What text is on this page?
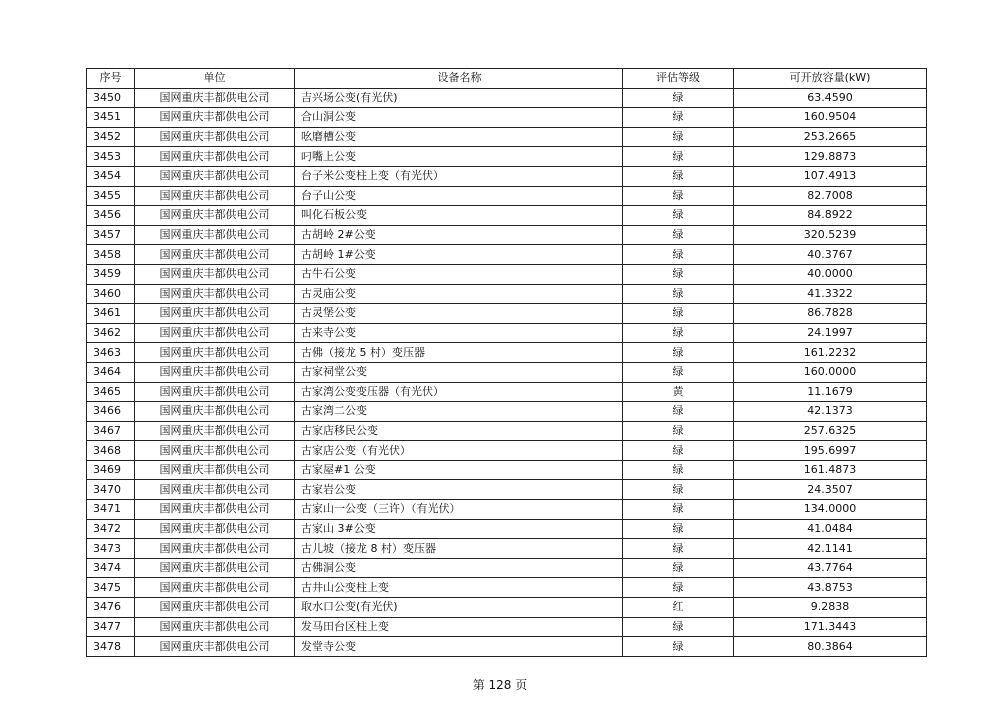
序号	单位	设备名称	评估等级	可开放容量(kW)
3450	国网重庆丰都供电公司	吉兴场公变(有光伏)	绿	63.4590
3451	国网重庆丰都供电公司	合山洞公变	绿	160.9504
3452	国网重庆丰都供电公司	吆磨槽公变	绿	253.2665
3453	国网重庆丰都供电公司	叼嘴上公变	绿	129.8873
3454	国网重庆丰都供电公司	台子米公变柱上变（有光伏）	绿	107.4913
3455	国网重庆丰都供电公司	台子山公变	绿	82.7008
3456	国网重庆丰都供电公司	叫化石板公变	绿	84.8922
3457	国网重庆丰都供电公司	古胡岭 2#公变	绿	320.5239
3458	国网重庆丰都供电公司	古胡岭 1#公变	绿	40.3767
3459	国网重庆丰都供电公司	古牛石公变	绿	40.0000
3460	国网重庆丰都供电公司	古灵庙公变	绿	41.3322
3461	国网重庆丰都供电公司	古灵堡公变	绿	86.7828
3462	国网重庆丰都供电公司	古来寺公变	绿	24.1997
3463	国网重庆丰都供电公司	古佛（接龙 5 村）变压器	绿	161.2232
3464	国网重庆丰都供电公司	古家祠堂公变	绿	160.0000
3465	国网重庆丰都供电公司	古家湾公变变压器（有光伏）	黄	11.1679
3466	国网重庆丰都供电公司	古家湾二公变	绿	42.1373
3467	国网重庆丰都供电公司	古家店移民公变	绿	257.6325
3468	国网重庆丰都供电公司	古家店公变（有光伏）	绿	195.6997
3469	国网重庆丰都供电公司	古家屋#1 公变	绿	161.4873
3470	国网重庆丰都供电公司	古家岩公变	绿	24.3507
3471	国网重庆丰都供电公司	古家山一公变（三许）（有光伏）	绿	134.0000
3472	国网重庆丰都供电公司	古家山 3#公变	绿	41.0484
3473	国网重庆丰都供电公司	古儿坡（接龙 8 村）变压器	绿	42.1141
3474	国网重庆丰都供电公司	古佛洞公变	绿	43.7764
3475	国网重庆丰都供电公司	古井山公变柱上变	绿	43.8753
3476	国网重庆丰都供电公司	取水口公变(有光伏)	红	9.2838
3477	国网重庆丰都供电公司	发马田台区柱上变	绿	171.3443
3478	国网重庆丰都供电公司	发堂寺公变	绿	80.3864
第 128 页
